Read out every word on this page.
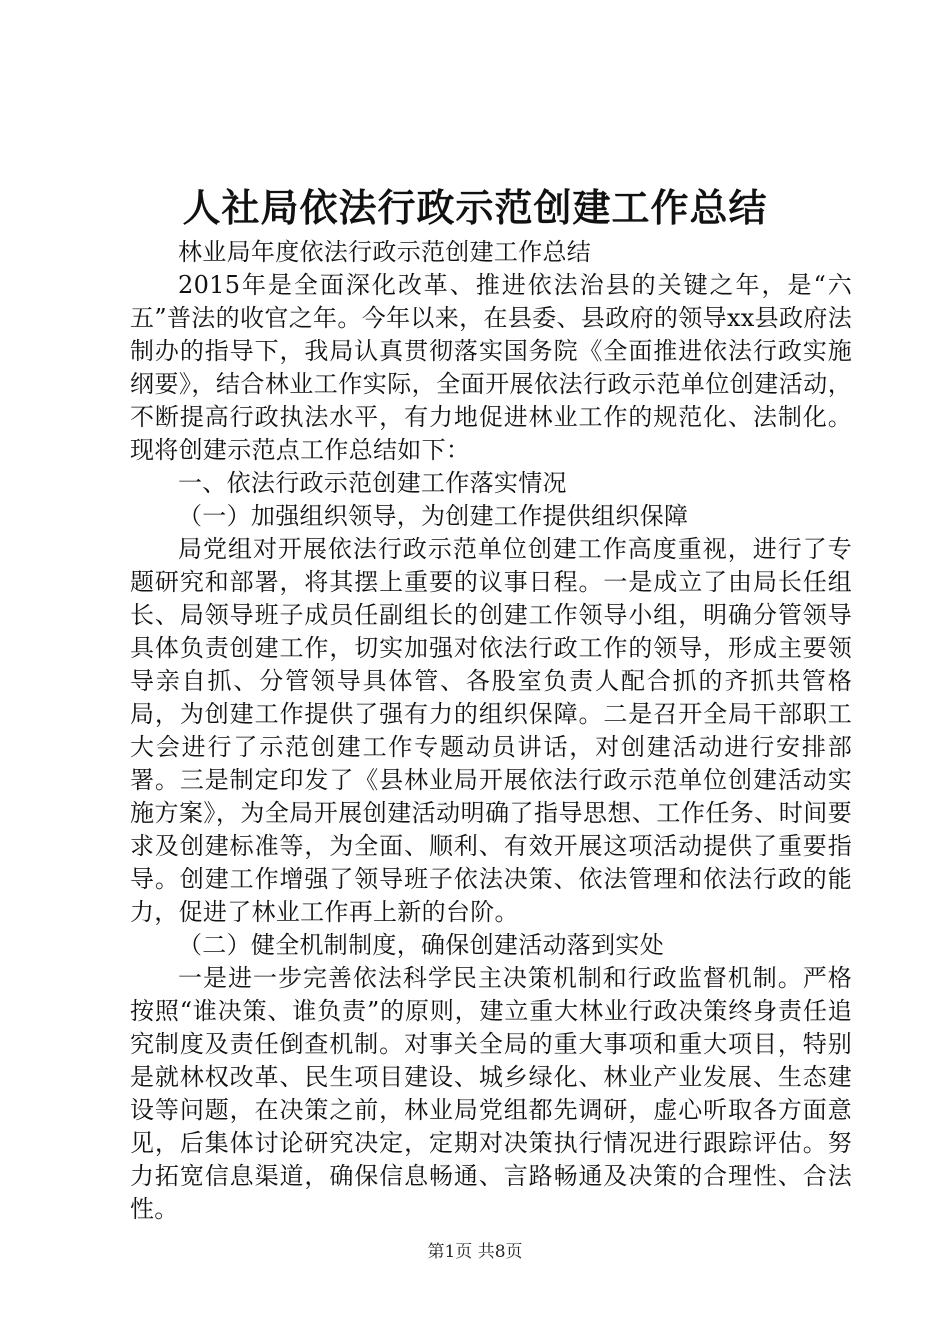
人社局依法行政示范创建工作总结

林业局年度依法行政示范创建工作总结

2015年是全面深化改革、推进依法治县的关键之年，是“六五”普法的收官之年。今年以来，在县委、县政府的领导xx县政府法制办的指导下，我局认真贯彻落实国务院《全面推进依法行政实施纲要》，结合林业工作实际，全面开展依法行政示范单位创建活动，不断提高行政执法水平，有力地促进林业工作的规范化、法制化。现将创建示范点工作总结如下：

一、依法行政示范创建工作落实情况

（一）加强组织领导，为创建工作提供组织保障

局党组对开展依法行政示范单位创建工作高度重视，进行了专题研究和部署，将其摆上重要的议事日程。一是成立了由局长任组长、局领导班子成员任副组长的创建工作领导小组，明确分管领导具体负责创建工作，切实加强对依法行政工作的领导，形成主要领导亲自抓、分管领导具体管、各股室负责人配合抓的齐抓共管格局，为创建工作提供了强有力的组织保障。二是召开全局干部职工大会进行了示范创建工作专题动员讲话，对创建活动进行安排部署。三是制定印发了《县林业局开展依法行政示范单位创建活动实施方案》，为全局开展创建活动明确了指导思想、工作任务、时间要求及创建标准等，为全面、顺利、有效开展这项活动提供了重要指导。创建工作增强了领导班子依法决策、依法管理和依法行政的能力，促进了林业工作再上新的台阶。

（二）健全机制制度，确保创建活动落到实处

一是进一步完善依法科学民主决策机制和行政监督机制。严格按照“谁决策、谁负责”的原则，建立重大林业行政决策终身责任追究制度及责任倒查机制。对事关全局的重大事项和重大项目，特别是就林权改革、民生项目建设、城乡绿化、林业产业发展、生态建设等问题，在决策之前，林业局党组都先调研，虚心听取各方面意见，后集体讨论研究决定，定期对决策执行情况进行跟踪评估。努力拓宽信息渠道，确保信息畅通、言路畅通及决策的合理性、合法性。

第1页 共8页
